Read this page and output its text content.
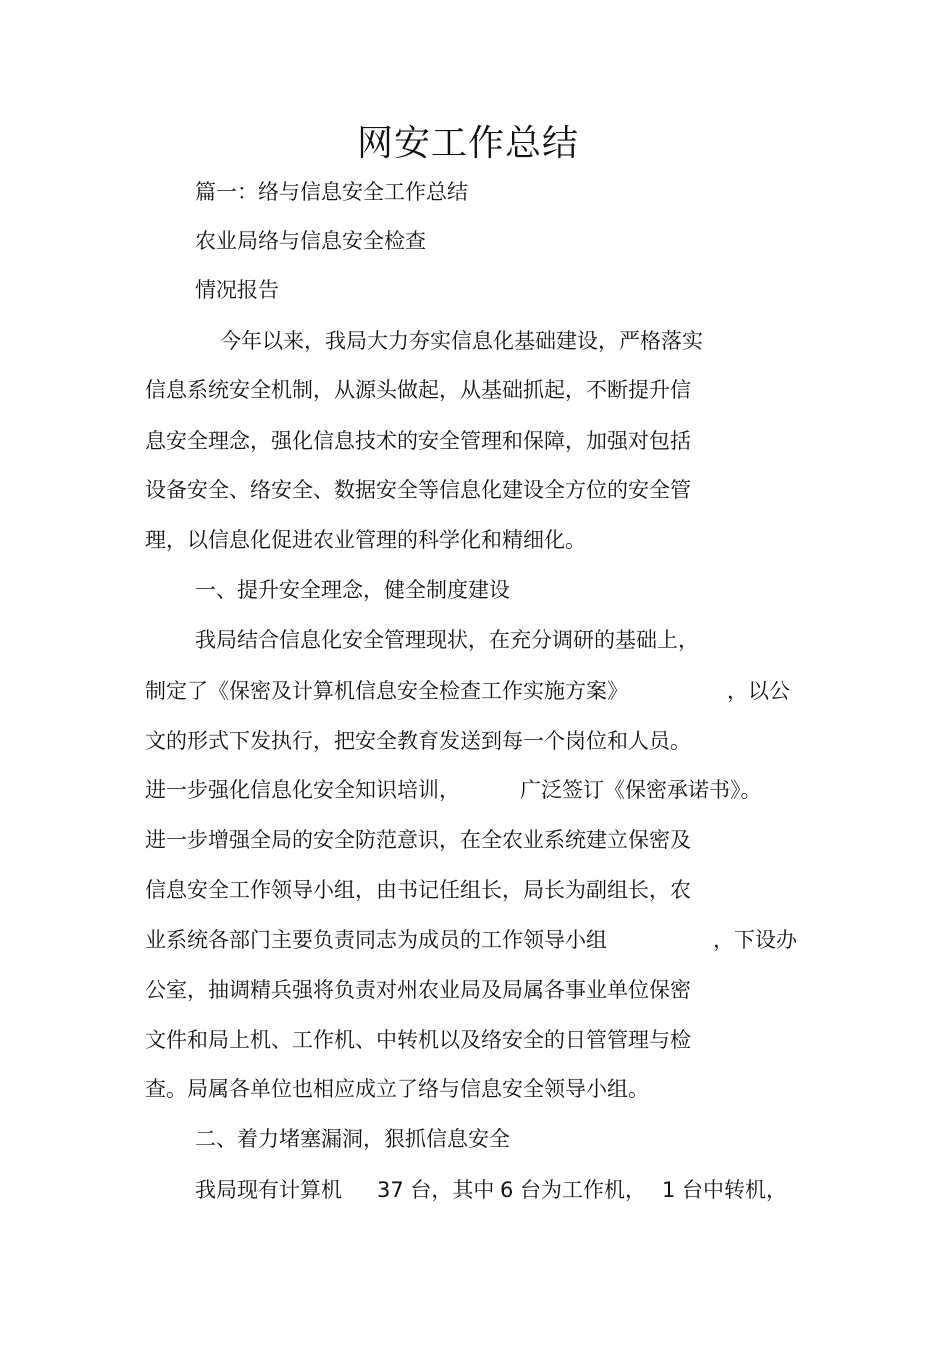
网安工作总结
篇一：络与信息安全工作总结
农业局络与信息安全检查
情况报告
今年以来，我局大力夯实信息化基础建设，严格落实
信息系统安全机制，从源头做起，从基础抓起，不断提升信
息安全理念，强化信息技术的安全管理和保障，加强对包括
设备安全、络安全、数据安全等信息化建设全方位的安全管
理，以信息化促进农业管理的科学化和精细化。
一、提升安全理念，健全制度建设
我局结合信息化安全管理现状，在充分调研的基础上，
制定了《保密及计算机信息安全检查工作实施方案》	，以公
文的形式下发执行，把安全教育发送到每一个岗位和人员。
进一步强化信息化安全知识培训，	广泛签订《保密承诺书》。
进一步增强全局的安全防范意识，在全农业系统建立保密及
信息安全工作领导小组，由书记任组长，局长为副组长，农
业系统各部门主要负责同志为成员的工作领导小组	，下设办
公室，抽调精兵强将负责对州农业局及局属各事业单位保密
文件和局上机、工作机、中转机以及络安全的日管管理与检
查。局属各单位也相应成立了络与信息安全领导小组。
二、着力堵塞漏洞，狠抓信息安全
我局现有计算机 37 台，其中 6 台为工作机， 1 台中转机，
